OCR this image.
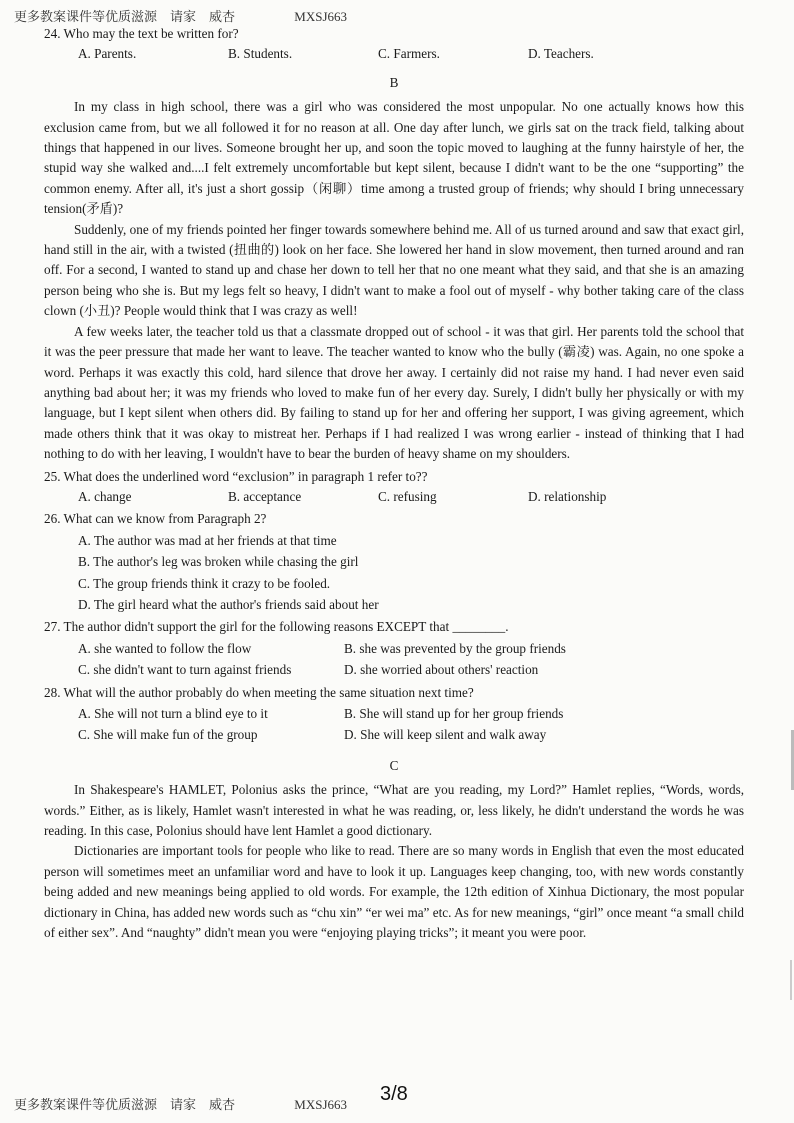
更多教案课件等优质滋源　请家　威杏	MXSJ663

24. Who may the text be written for?

A. Parents.	B. Students.	C. Farmers.	D. Teachers.
B

In my class in high school, there was a girl who was considered the most unpopular. No one actually knows how this exclusion came from, but we all followed it for no reason at all. One day after lunch, we girls sat on the track field, talking about things that happened in our lives. Someone brought her up, and soon the topic moved to laughing at the funny hairstyle of her, the stupid way she walked and....I felt extremely uncomfortable but kept silent, because I didn't want to be the one “supporting” the common enemy. After all, it's just a short gossip（闲聊）time among a trusted group of friends; why should I bring unnecessary tension(矛盾)?

Suddenly, one of my friends pointed her finger towards somewhere behind me. All of us turned around and saw that exact girl, hand still in the air, with a twisted (扭曲的) look on her face. She lowered her hand in slow movement, then turned around and ran off. For a second, I wanted to stand up and chase her down to tell her that no one meant what they said, and that she is an amazing person being who she is. But my legs felt so heavy, I didn't want to make a fool out of myself - why bother taking care of the class clown (小丑)? People would think that I was crazy as well!

A few weeks later, the teacher told us that a classmate dropped out of school - it was that girl. Her parents told the school that it was the peer pressure that made her want to leave. The teacher wanted to know who the bully (霸凌) was. Again, no one spoke a word. Perhaps it was exactly this cold, hard silence that drove her away. I certainly did not raise my hand. I had never even said anything bad about her; it was my friends who loved to make fun of her every day. Surely, I didn't bully her physically or with my language, but I kept silent when others did. By failing to stand up for her and offering her support, I was giving agreement, which made others think that it was okay to mistreat her. Perhaps if I had realized I was wrong earlier - instead of thinking that I had nothing to do with her leaving, I wouldn't have to bear the burden of heavy shame on my shoulders.

25. What does the underlined word “exclusion” in paragraph 1 refer to??

A. change	B. acceptance	C. refusing	D. relationship

26. What can we know from Paragraph 2?

A. The author was mad at her friends at that time
B. The author's leg was broken while chasing the girl
C. The group friends think it crazy to be fooled.
D. The girl heard what the author's friends said about her

27. The author didn't support the girl for the following reasons EXCEPT that ________.

A. she wanted to follow the flow	B. she was prevented by the group friends
C. she didn't want to turn against friends	D. she worried about others' reaction

28. What will the author probably do when meeting the same situation next time?

A. She will not turn a blind eye to it	B. She will stand up for her group friends
C. She will make fun of the group	D. She will keep silent and walk away
C

In Shakespeare's HAMLET, Polonius asks the prince, “What are you reading, my Lord?” Hamlet replies, “Words, words, words.” Either, as is likely, Hamlet wasn't interested in what he was reading, or, less likely, he didn't understand the words he was reading. In this case, Polonius should have lent Hamlet a good dictionary.

Dictionaries are important tools for people who like to read. There are so many words in English that even the most educated person will sometimes meet an unfamiliar word and have to look it up. Languages keep changing, too, with new words constantly being added and new meanings being applied to old words. For example, the 12th edition of Xinhua Dictionary, the most popular dictionary in China, has added new words such as “chu xin” “er wei ma” etc. As for new meanings, “girl” once meant “a small child of either sex”. And “naughty” didn't mean you were “enjoying playing tricks”; it meant you were poor.

更多教案课件等优质滋源　请家　威杏	MXSJ663 3/8
